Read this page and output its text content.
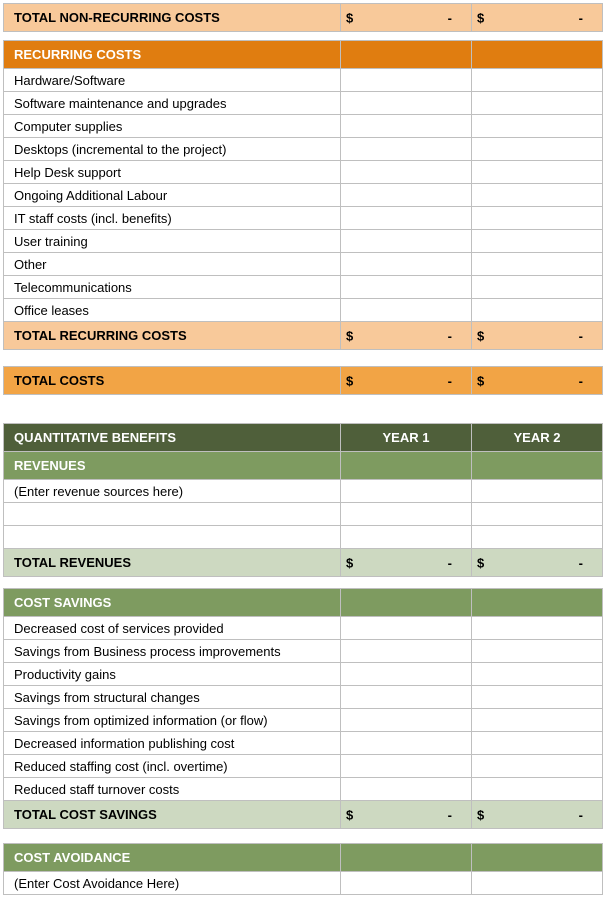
TOTAL NON-RECURRING COSTS	$	-	$	-
RECURRING COSTS		
Hardware/Software		
Software maintenance and upgrades		
Computer supplies		
Desktops (incremental to the project)		
Help Desk support		
Ongoing Additional Labour		
IT staff costs (incl. benefits)		
User training		
Other		
Telecommunications		
Office leases		
TOTAL RECURRING COSTS	$ -	$ -
TOTAL COSTS	$	-	$	-
QUANTITATIVE BENEFITS	YEAR 1	YEAR 2
REVENUES		
(Enter revenue sources here)		

TOTAL REVENUES	$ -	$ -
COST SAVINGS		
Decreased cost of services provided		
Savings from Business process improvements		
Productivity gains		
Savings from structural changes		
Savings from optimized information (or flow)		
Decreased information publishing cost		
Reduced staffing cost (incl. overtime)		
Reduced staff turnover costs		
TOTAL COST SAVINGS	$ -	$ -
COST AVOIDANCE		
(Enter Cost Avoidance Here)		
